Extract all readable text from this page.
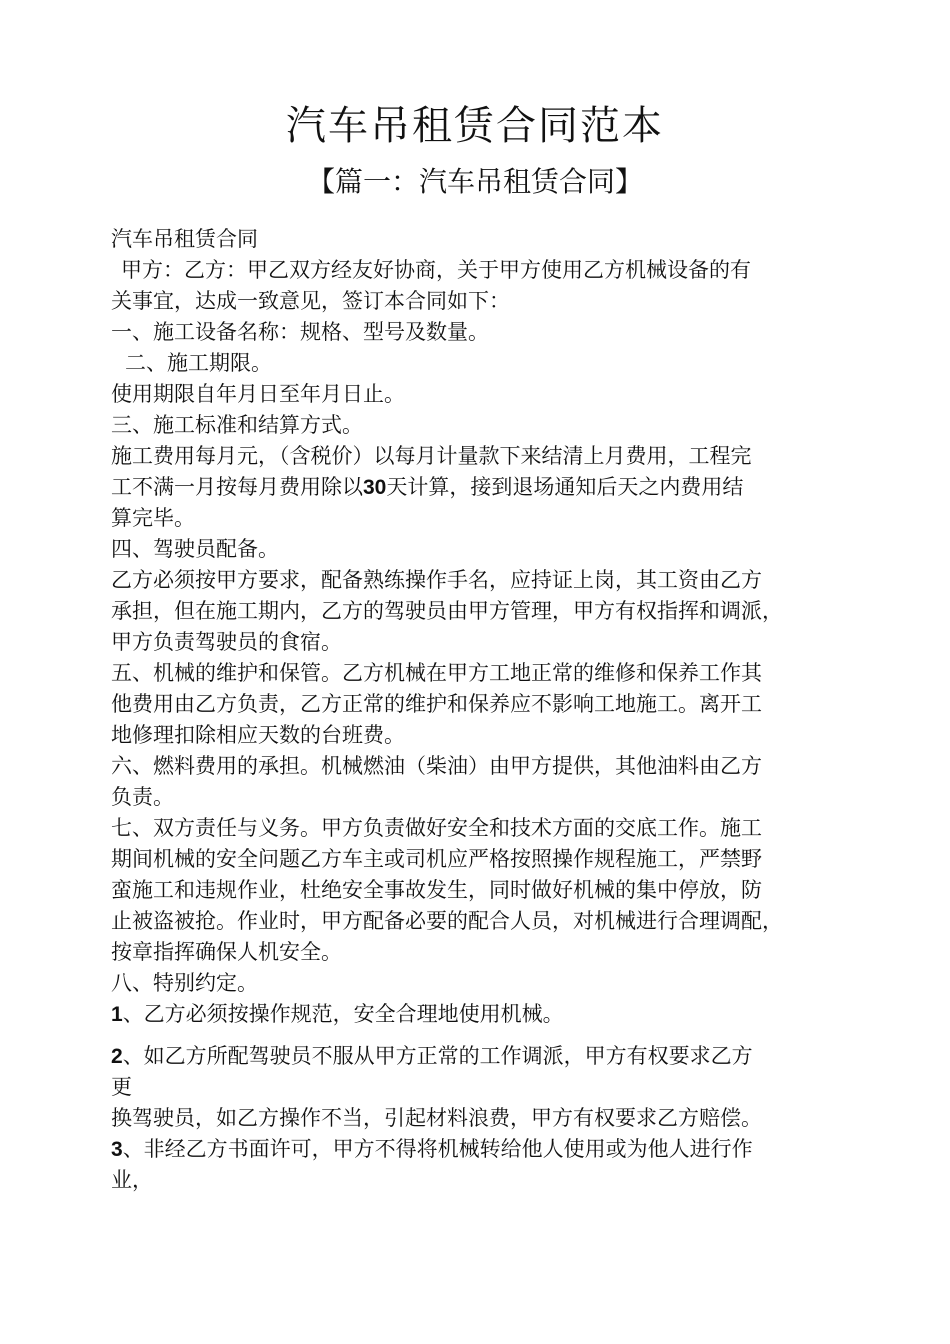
汽车吊租赁合同范本
【篇一：汽车吊租赁合同】
汽车吊租赁合同
甲方：乙方：甲乙双方经友好协商，关于甲方使用乙方机械设备的有
关事宜，达成一致意见，签订本合同如下：
一、施工设备名称：规格、型号及数量。
二、施工期限。
使用期限自年月日至年月日止。
三、施工标准和结算方式。
施工费用每月元，（含税价）以每月计量款下来结清上月费用，工程完
工不满一月按每月费用除以30天计算，接到退场通知后天之内费用结
算完毕。
四、驾驶员配备。
乙方必须按甲方要求，配备熟练操作手名，应持证上岗，其工资由乙方
承担，但在施工期内，乙方的驾驶员由甲方管理，甲方有权指挥和调派，
甲方负责驾驶员的食宿。
五、机械的维护和保管。乙方机械在甲方工地正常的维修和保养工作其
他费用由乙方负责，乙方正常的维护和保养应不影响工地施工。离开工
地修理扣除相应天数的台班费。
六、燃料费用的承担。机械燃油（柴油）由甲方提供，其他油料由乙方
负责。
七、双方责任与义务。甲方负责做好安全和技术方面的交底工作。施工
期间机械的安全问题乙方车主或司机应严格按照操作规程施工，严禁野
蛮施工和违规作业，杜绝安全事故发生，同时做好机械的集中停放，防
止被盗被抢。作业时，甲方配备必要的配合人员，对机械进行合理调配，
按章指挥确保人机安全。
八、特别约定。
1、乙方必须按操作规范，安全合理地使用机械。
2、如乙方所配驾驶员不服从甲方正常的工作调派，甲方有权要求乙方
更
换驾驶员，如乙方操作不当，引起材料浪费，甲方有权要求乙方赔偿。
3、非经乙方书面许可，甲方不得将机械转给他人使用或为他人进行作
业，
